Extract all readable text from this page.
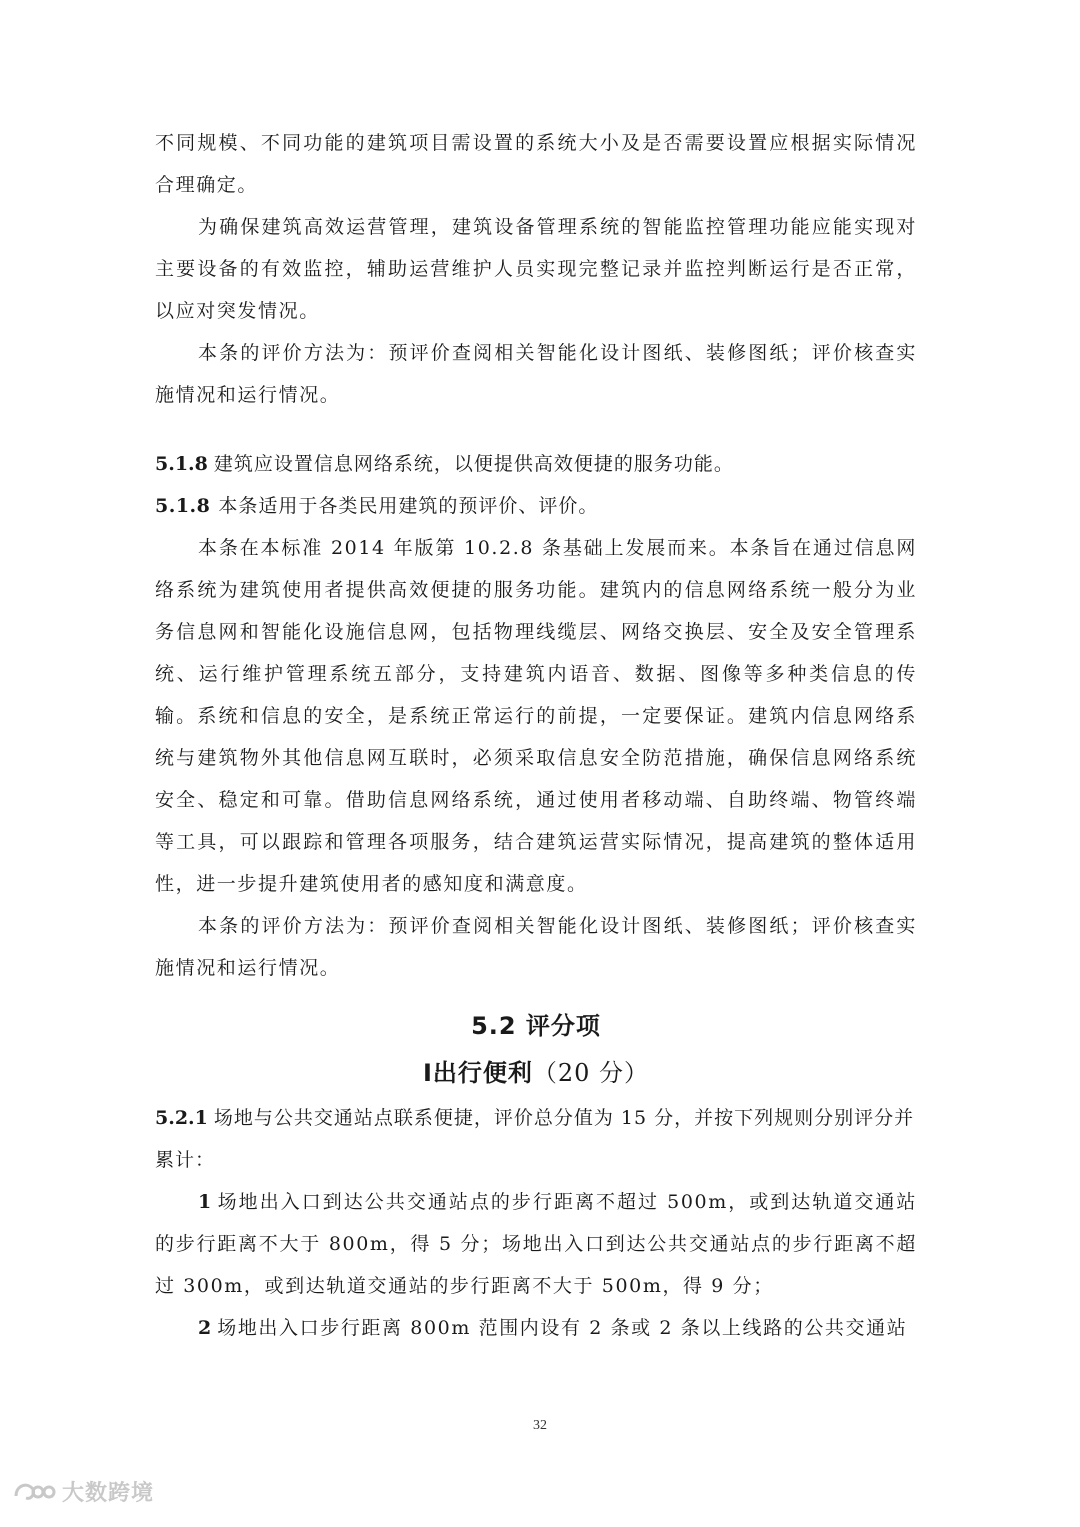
不同规模、不同功能的建筑项目需设置的系统大小及是否需要设置应根据实际情况合理确定。

为确保建筑高效运营管理，建筑设备管理系统的智能监控管理功能应能实现对主要设备的有效监控，辅助运营维护人员实现完整记录并监控判断运行是否正常，以应对突发情况。

本条的评价方法为：预评价查阅相关智能化设计图纸、装修图纸；评价核查实施情况和运行情况。

5.1.8 建筑应设置信息网络系统，以便提供高效便捷的服务功能。

5.1.8 本条适用于各类民用建筑的预评价、评价。

本条在本标准 2014 年版第 10.2.8 条基础上发展而来。本条旨在通过信息网络系统为建筑使用者提供高效便捷的服务功能。建筑内的信息网络系统一般分为业务信息网和智能化设施信息网，包括物理线缆层、网络交换层、安全及安全管理系统、运行维护管理系统五部分，支持建筑内语音、数据、图像等多种类信息的传输。系统和信息的安全，是系统正常运行的前提，一定要保证。建筑内信息网络系统与建筑物外其他信息网互联时，必须采取信息安全防范措施，确保信息网络系统安全、稳定和可靠。借助信息网络系统，通过使用者移动端、自助终端、物管终端等工具，可以跟踪和管理各项服务，结合建筑运营实际情况，提高建筑的整体适用性，进一步提升建筑使用者的感知度和满意度。

本条的评价方法为：预评价查阅相关智能化设计图纸、装修图纸；评价核查实施情况和运行情况。

5.2 评分项
Ⅰ出行便利（20 分）

5.2.1 场地与公共交通站点联系便捷，评价总分值为 15 分，并按下列规则分别评分并累计：

1 场地出入口到达公共交通站点的步行距离不超过 500m，或到达轨道交通站的步行距离不大于 800m，得 5 分；场地出入口到达公共交通站点的步行距离不超过 300m，或到达轨道交通站的步行距离不大于 500m，得 9 分；

2 场地出入口步行距离 800m 范围内设有 2 条或 2 条以上线路的公共交通站

32
大数跨境
